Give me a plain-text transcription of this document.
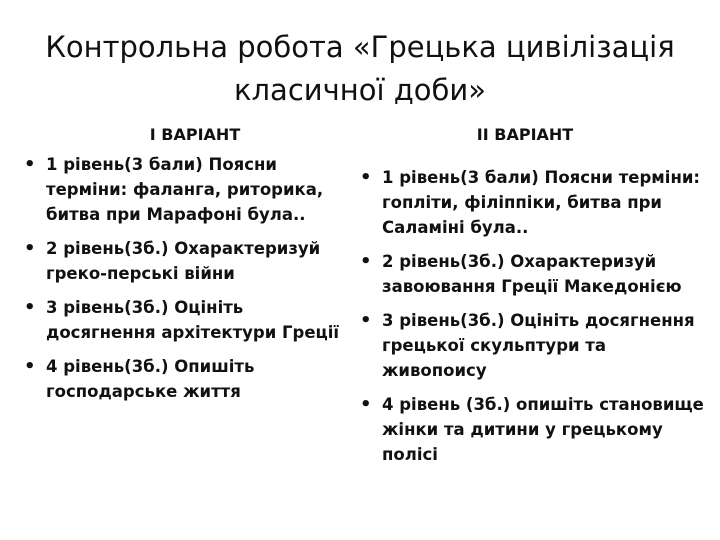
Контрольна робота «Грецька цивілізація
класичної доби»
І ВАРІАНТ	ІІ ВАРІАНТ
• 1 рівень(3 бали) Поясни терміни: фаланга, риторика, битва при Марафоні була..
• 2 рівень(3б.) Охарактеризуй греко-перські війни
• 3 рівень(3б.) Оцініть досягнення архітектури Греції
• 4 рівень(3б.) Опишіть господарське життя
• 1 рівень(3 бали) Поясни терміни: гопліти, філіппіки, битва при Саламіні була..
• 2 рівень(3б.) Охарактеризуй завоювання Греції Македонією
• 3 рівень(3б.) Оцініть досягнення грецької скульптури та живопоису
• 4 рівень (3б.) опишіть становище жінки та дитини у грецькому полісі
